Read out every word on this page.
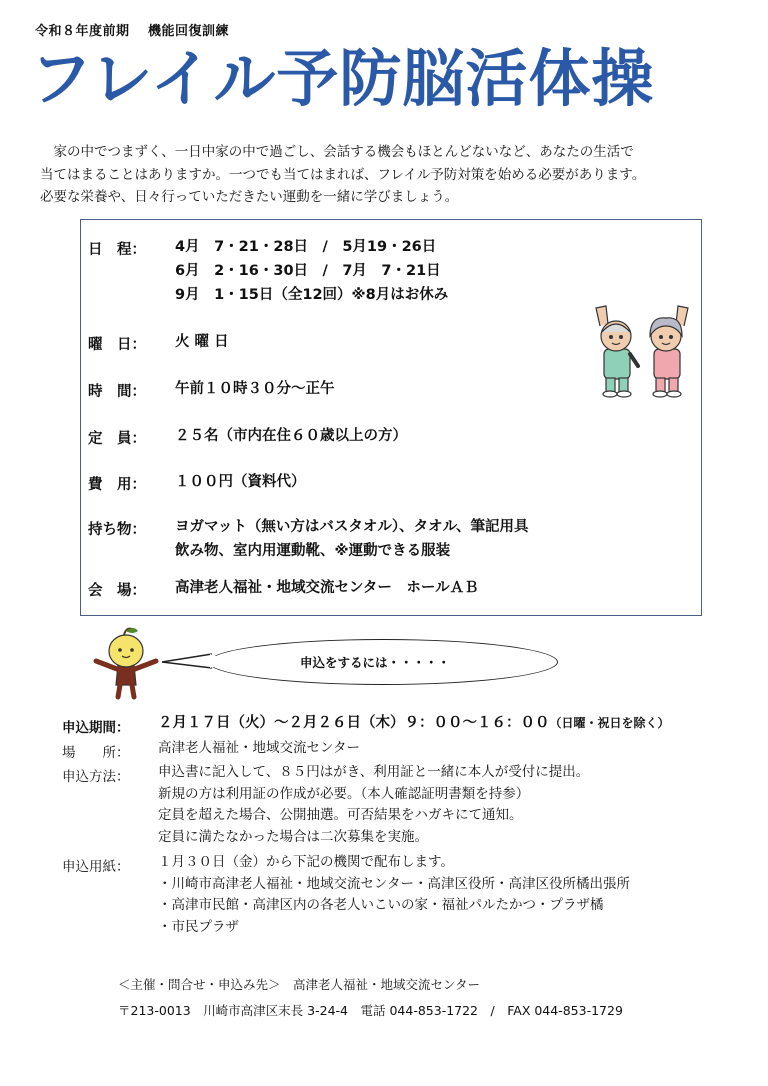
令和８年度前期　 機能回復訓練
フレイル予防脳活体操

　家の中でつまずく、一日中家の中で過ごし、会話する機会もほとんどないなど、あなたの生活で

当てはまることはありますか。一つでも当てはまれば、フレイル予防対策を始める必要があります。

必要な栄養や、日々行っていただきたい運動を一緒に学びましょう。

日　程： 4月　7・21・28日　/　5月19・26日
6月　2・16・30日　/　7月　7・21日
9月　1・15日（全12回）※8月はお休み
曜　日： 火 曜 日
時　間： 午前１０時３０分～正午
定　員： ２５名（市内在住６０歳以上の方）
費　用： １００円（資料代）
持ち物： ヨガマット（無い方はバスタオル）、タオル、筆記用具
飲み物、室内用運動靴、※運動できる服装
会　場： 高津老人福祉・地域交流センター　ホールＡＢ
申込をするには・・・・・
申込期間： ２月１７日（火）～２月２６日（木）９：００～１６：００（日曜・祝日を除く）
場　　所： 高津老人福祉・地域交流センター
申込方法： 申込書に記入して、８５円はがき、利用証と一緒に本人が受付に提出。
新規の方は利用証の作成が必要。（本人確認証明書類を持参）
定員を超えた場合、公開抽選。可否結果をハガキにて通知。
定員に満たなかった場合は二次募集を実施。
申込用紙： １月３０日（金）から下記の機関で配布します。
・川崎市高津老人福祉・地域交流センター・高津区役所・高津区役所橘出張所
・高津市民館・高津区内の各老人いこいの家・福祉パルたかつ・プラザ橘
・市民プラザ
＜主催・問合せ・申込み先＞　高津老人福祉・地域交流センター
〒213-0013　川崎市高津区末長 3-24-4　電話 044-853-1722　/　FAX 044-853-1729
